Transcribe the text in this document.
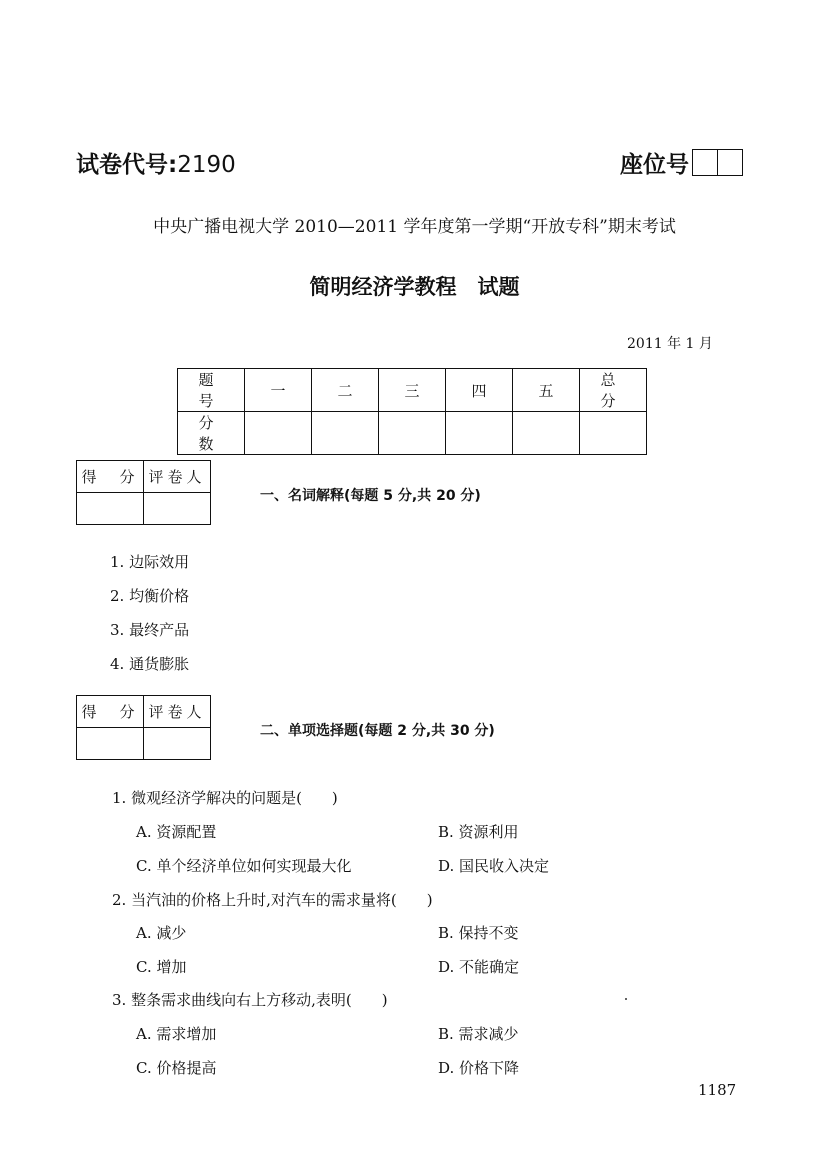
试卷代号:2190	座位号
中央广播电视大学 2010—2011 学年度第一学期“开放专科”期末考试
简明经济学教程　试题
2011 年 1 月
题　号	一	二	三	四	五	总　分
分　数						
得　分	评卷人

一、名词解释(每题 5 分,共 20 分)
1. 边际效用
2. 均衡价格
3. 最终产品
4. 通货膨胀
得　分	评卷人

二、单项选择题(每题 2 分,共 30 分)
1. 微观经济学解决的问题是(　　)
A. 资源配置	B. 资源利用
C. 单个经济单位如何实现最大化	D. 国民收入决定
2. 当汽油的价格上升时,对汽车的需求量将(　　)
A. 减少	B. 保持不变
C. 增加	D. 不能确定
3. 整条需求曲线向右上方移动,表明(　　)
A. 需求增加	B. 需求减少
C. 价格提高	D. 价格下降
1187
